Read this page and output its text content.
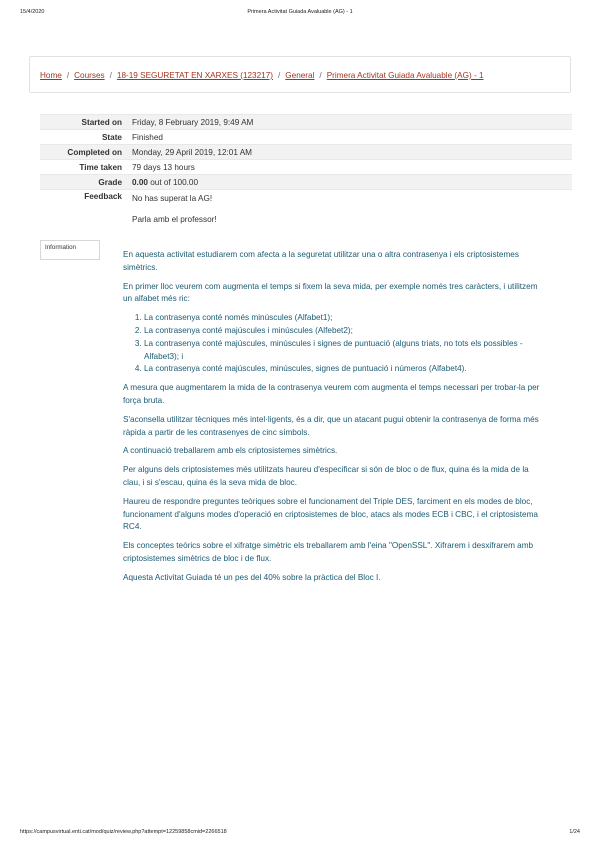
15/4/2020	Primera Activitat Guiada Avaluable (AG) - 1
Home / Courses / 18-19 SEGURETAT EN XARXES (123217) / General / Primera Activitat Guiada Avaluable (AG) - 1
Started on	Friday, 8 February 2019, 9:49 AM
State	Finished
Completed on	Monday, 29 April 2019, 12:01 AM
Time taken	79 days 13 hours
Grade	0.00 out of 100.00
Feedback	No has superat la AG!
Parla amb el professor!
Information

En aquesta activitat estudiarem com afecta a la seguretat utilitzar una o altra contrasenya i els criptosistemes simètrics.

En primer lloc veurem com augmenta el temps si fixem la seva mida, per exemple només tres caràcters, i utilitzem un alfabet més ric:

1. La contrasenya conté només minúscules (Alfabet1);
2. La contrasenya conté majúscules i minúscules (Alfebet2);
3. La contrasenya conté majúscules, minúscules i signes de puntuació (alguns triats, no tots els possibles - Alfabet3); i
4. La contrasenya conté majúscules, minúscules, signes de puntuació i números (Alfabet4).

A mesura que augmentarem la mida de la contrasenya veurem com augmenta el temps necessari per trobar-la per força bruta.

S'aconsella utilitzar tècniques més intel·ligents, és a dir, que un atacant pugui obtenir la contrasenya de forma més ràpida a partir de les contrasenyes de cinc símbols.

A continuació treballarem amb els criptosistemes simètrics.

Per alguns dels criptosistemes més utilitzats haureu d'especificar si són de bloc o de flux, quina és la mida de la clau, i si s'escau, quina és la seva mida de bloc.

Haureu de respondre preguntes teòriques sobre el funcionament del Triple DES, farciment en els modes de bloc, funcionament d'alguns modes d'operació en criptosistemes de bloc, atacs als modes ECB i CBC, i el criptosistema RC4.

Els conceptes teòrics sobre el xifratge simètric els treballarem amb l'eina "OpenSSL". Xifrarem i desxifrarem amb criptosistemes simètrics de bloc i de flux.

Aquesta Activitat Guiada té un pes del 40% sobre la pràctica del Bloc I.

https://campusvirtual.enti.cat/mod/quiz/review.php?attempt=12259858cmid=2266518	1/24
